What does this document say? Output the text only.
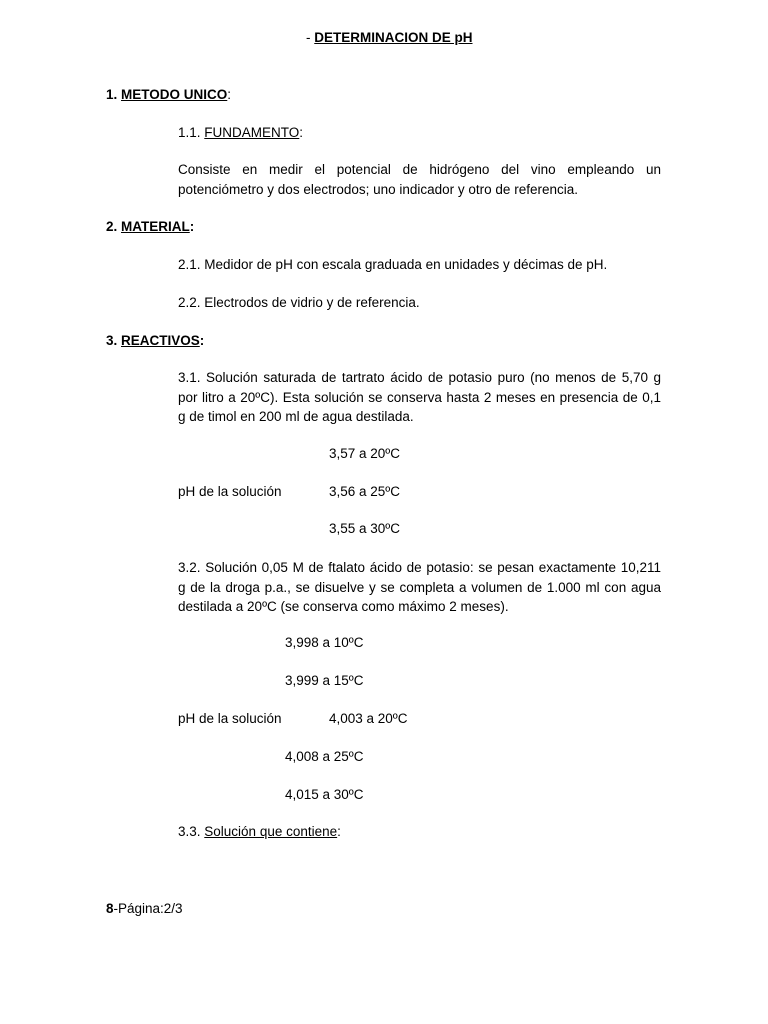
- DETERMINACION DE pH
1. METODO UNICO:
1.1. FUNDAMENTO:
Consiste en medir el potencial de hidrógeno del vino empleando un potenciómetro y dos electrodos; uno indicador y otro de referencia.
2. MATERIAL:
2.1. Medidor de pH con escala graduada en unidades y décimas de pH.
2.2. Electrodos de vidrio y de referencia.
3. REACTIVOS:
3.1. Solución saturada de tartrato ácido de potasio puro (no menos de 5,70 g por litro a 20ºC). Esta solución se conserva hasta 2 meses en presencia de 0,1 g de timol en 200 ml de agua destilada.
3,57 a 20ºC
pH de la solución	3,56 a 25ºC
3,55 a 30ºC
3.2. Solución 0,05 M de ftalato ácido de potasio: se pesan exactamente 10,211 g de la droga p.a., se disuelve y se completa a volumen de 1.000 ml con agua destilada a 20ºC (se conserva como máximo 2 meses).
3,998 a 10ºC
3,999 a 15ºC
pH de la solución	4,003 a 20ºC
4,008 a 25ºC
4,015 a 30ºC
3.3. Solución que contiene:
8-Página:2/3
